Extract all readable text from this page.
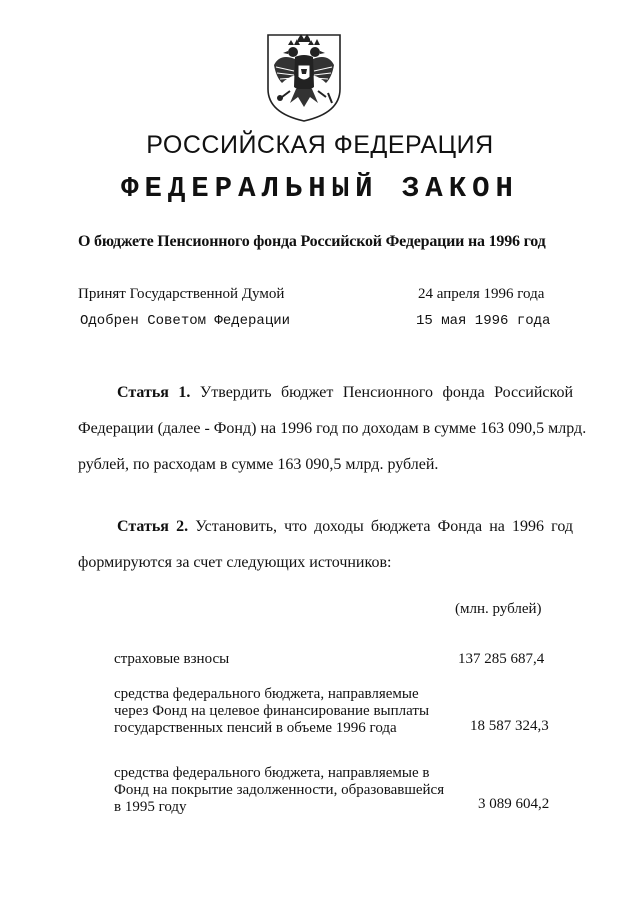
РОССИЙСКАЯ ФЕДЕРАЦИЯ
ФЕДЕРАЛЬНЫЙ ЗАКОН
О бюджете Пенсионного фонда Российской Федерации на 1996 год
Принят Государственной Думой	24 апреля 1996 года
Одобрен Советом Федерации	15 мая 1996 года
Статья 1. Утвердить бюджет Пенсионного фонда Российской
Федерации (далее - Фонд) на 1996 год по доходам в сумме 163 090,5 млрд.
рублей, по расходам в сумме 163 090,5 млрд. рублей.
Статья 2. Установить, что доходы бюджета Фонда на 1996 год
формируются за счет следующих источников:
(млн. рублей)
страховые взносы	137 285 687,4
средства федерального бюджета, направляемые
через Фонд на целевое финансирование выплаты
государственных пенсий в объеме 1996 года	18 587 324,3
средства федерального бюджета, направляемые в
Фонд на покрытие задолженности, образовавшейся
в 1995 году	3 089 604,2
